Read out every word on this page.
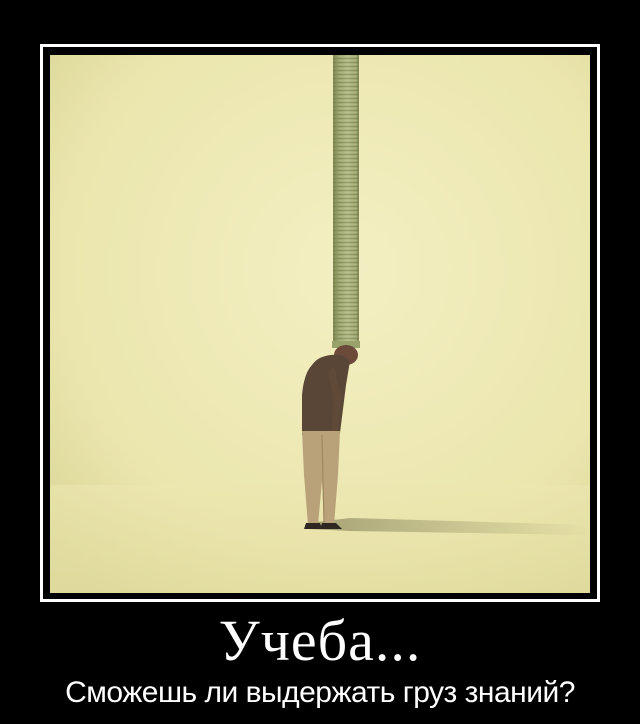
Учеба...
Сможешь ли выдержать груз знаний?
